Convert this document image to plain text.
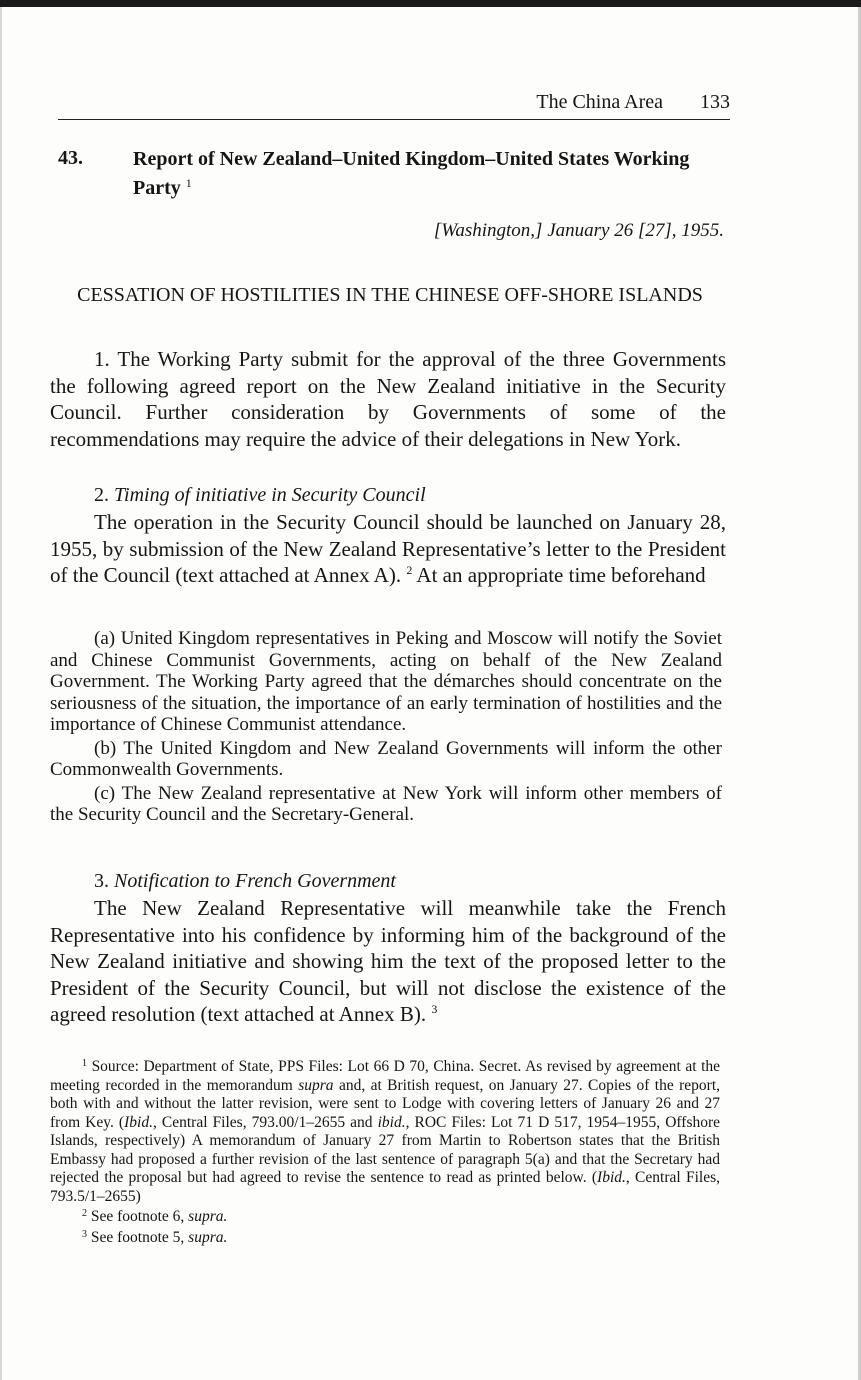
The China Area 133
43.	Report of New Zealand–United Kingdom–United States Working Party $^1$
[Washington,] January 26 [27], 1955.
CESSATION OF HOSTILITIES IN THE CHINESE OFF-SHORE ISLANDS

1. The Working Party submit for the approval of the three Governments the following agreed report on the New Zealand initiative in the Security Council. Further consideration by Governments of some of the recommendations may require the advice of their delegations in New York.

2. Timing of initiative in Security Council

The operation in the Security Council should be launched on January 28, 1955, by submission of the New Zealand Representative’s letter to the President of the Council (text attached at Annex A). $^2$ At an appropriate time beforehand

(a) United Kingdom representatives in Peking and Moscow will notify the Soviet and Chinese Communist Governments, acting on behalf of the New Zealand Government. The Working Party agreed that the démarches should concentrate on the seriousness of the situation, the importance of an early termination of hostilities and the importance of Chinese Communist attendance.

(b) The United Kingdom and New Zealand Governments will inform the other Commonwealth Governments.

(c) The New Zealand representative at New York will inform other members of the Security Council and the Secretary-General.

3. Notification to French Government

The New Zealand Representative will meanwhile take the French Representative into his confidence by informing him of the background of the New Zealand initiative and showing him the text of the proposed letter to the President of the Security Council, but will not disclose the existence of the agreed resolution (text attached at Annex B). $^3$

$^1$ Source: Department of State, PPS Files: Lot 66 D 70, China. Secret. As revised by agreement at the meeting recorded in the memorandum supra and, at British request, on January 27. Copies of the report, both with and without the latter revision, were sent to Lodge with covering letters of January 26 and 27 from Key. (Ibid., Central Files, 793.00/1–2655 and ibid., ROC Files: Lot 71 D 517, 1954–1955, Offshore Islands, respectively) A memorandum of January 27 from Martin to Robertson states that the British Embassy had proposed a further revision of the last sentence of paragraph 5(a) and that the Secretary had rejected the proposal but had agreed to revise the sentence to read as printed below. (Ibid., Central Files, 793.5/1–2655)

$^2$ See footnote 6, supra.

$^3$ See footnote 5, supra.
